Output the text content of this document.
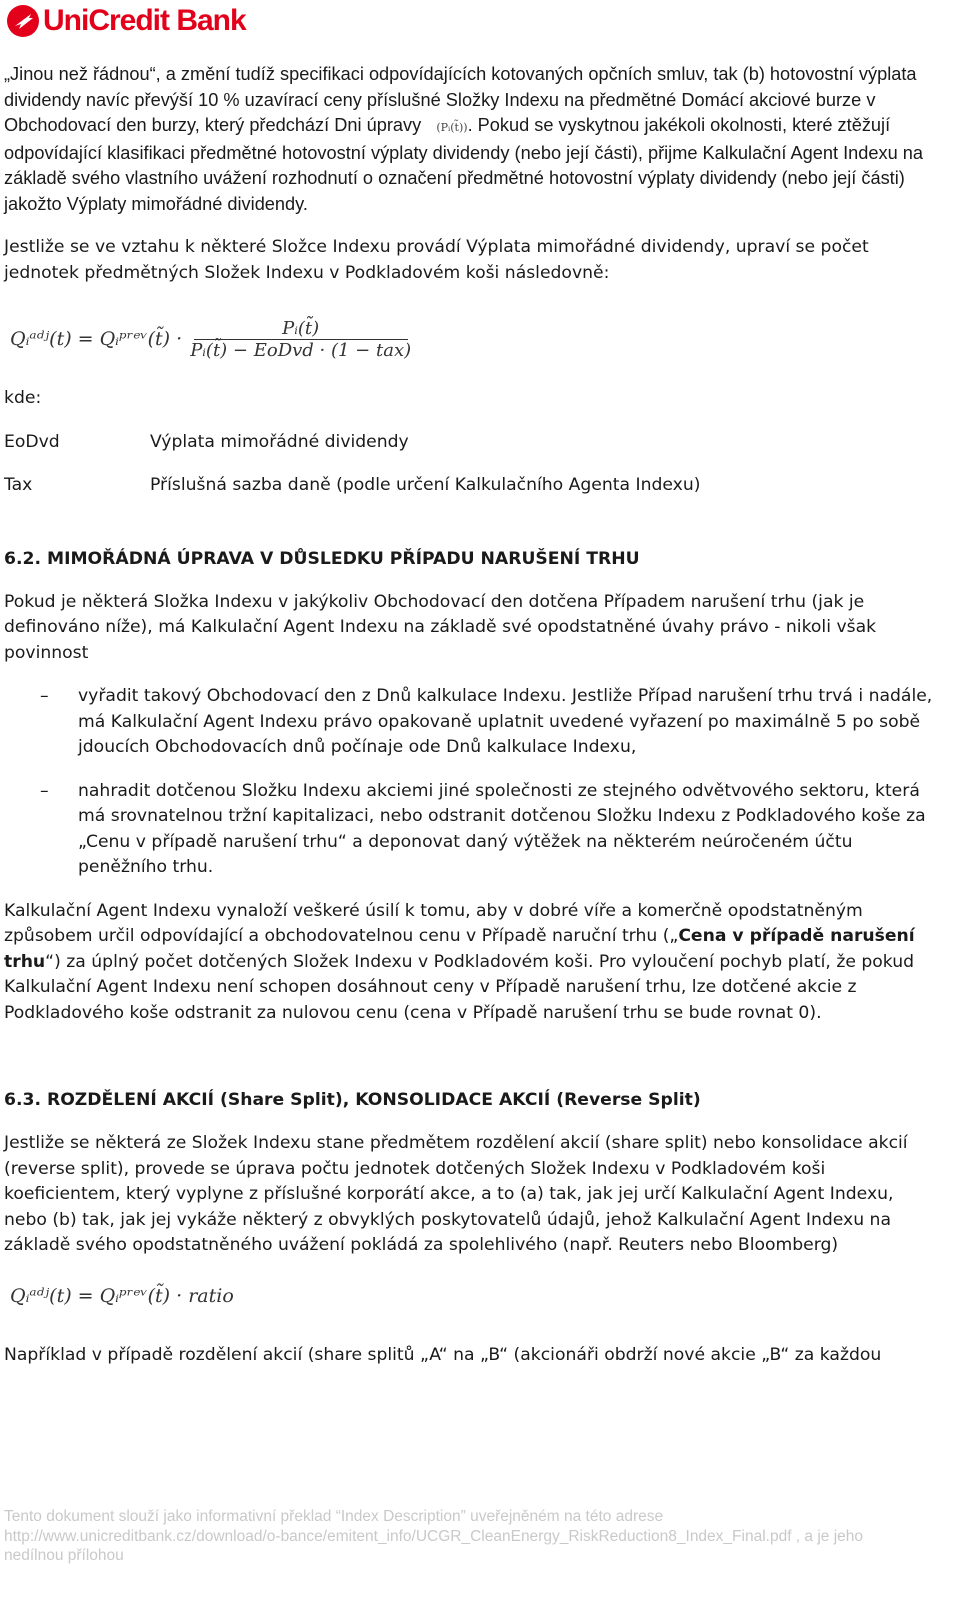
UniCredit Bank

„Jinou než řádnou“, a změní tudíž specifikaci odpovídajících kotovaných opčních smluv, tak (b) hotovostní výplata dividendy navíc převýší 10 % uzavírací ceny příslušné Složky Indexu na předmětné Domácí akciové burze v Obchodovací den burzy, který předchází Dni úpravy (Pᵢ(t̃)). Pokud se vyskytnou jakékoli okolnosti, které ztěžují odpovídající klasifikaci předmětné hotovostní výplaty dividendy (nebo její části), přijme Kalkulační Agent Indexu na základě svého vlastního uvážení rozhodnutí o označení předmětné hotovostní výplaty dividendy (nebo její části) jakožto Výplaty mimořádné dividendy.

Jestliže se ve vztahu k některé Složce Indexu provádí Výplata mimořádné dividendy, upraví se počet jednotek předmětných Složek Indexu v Podkladovém koši následovně:

Qᵢᵃᵈʲ(t) = Qᵢᵖʳᵉᵛ(t̃) ·	Pᵢ(t̃)
Pᵢ(t̃) − EoDvd · (1 − tax)

kde:

EoDvd	Výplata mimořádné dividendy
Tax	Příslušná sazba daně (podle určení Kalkulačního Agenta Indexu)

6.2. MIMOŘÁDNÁ ÚPRAVA V DŮSLEDKU PŘÍPADU NARUŠENÍ TRHU

Pokud je některá Složka Indexu v jakýkoliv Obchodovací den dotčena Případem narušení trhu (jak je definováno níže), má Kalkulační Agent Indexu na základě své opodstatněné úvahy právo - nikoli však povinnost

–	vyřadit takový Obchodovací den z Dnů kalkulace Indexu. Jestliže Případ narušení trhu trvá i nadále, má Kalkulační Agent Indexu právo opakovaně uplatnit uvedené vyřazení po maximálně 5 po sobě jdoucích Obchodovacích dnů počínaje ode Dnů kalkulace Indexu,
–	nahradit dotčenou Složku Indexu akciemi jiné společnosti ze stejného odvětvového sektoru, která má srovnatelnou tržní kapitalizaci, nebo odstranit dotčenou Složku Indexu z Podkladového koše za „Cenu v případě narušení trhu“ a deponovat daný výtěžek na některém neúročeném účtu peněžního trhu.

Kalkulační Agent Indexu vynaloží veškeré úsilí k tomu, aby v dobré víře a komerčně opodstatněným způsobem určil odpovídající a obchodovatelnou cenu v Případě naruční trhu („Cena v případě narušení trhu“) za úplný počet dotčených Složek Indexu v Podkladovém koši. Pro vyloučení pochyb platí, že pokud Kalkulační Agent Indexu není schopen dosáhnout ceny v Případě narušení trhu, lze dotčené akcie z Podkladového koše odstranit za nulovou cenu (cena v Případě narušení trhu se bude rovnat 0).

6.3. ROZDĚLENÍ AKCIÍ (Share Split), KONSOLIDACE AKCIÍ (Reverse Split)

Jestliže se některá ze Složek Indexu stane předmětem rozdělení akcií (share split) nebo konsolidace akcií (reverse split), provede se úprava počtu jednotek dotčených Složek Indexu v Podkladovém koši koeficientem, který vyplyne z příslušné korporátí akce, a to (a) tak, jak jej určí Kalkulační Agent Indexu, nebo (b) tak, jak jej vykáže některý z obvyklých poskytovatelů údajů, jehož Kalkulační Agent Indexu na základě svého opodstatněného uvážení pokládá za spolehlivého (např. Reuters nebo Bloomberg)

Qᵢᵃᵈʲ(t) = Qᵢᵖʳᵉᵛ(t̃) · ratio

Například v případě rozdělení akcií (share splitů „A“ na „B“ (akcionáři obdrží nové akcie „B“ za každou

Tento dokument slouží jako informativní překlad “Index Description” uveřejněném na této adrese
http://www.unicreditbank.cz/download/o-bance/emitent_info/UCGR_CleanEnergy_RiskReduction8_Index_Final.pdf , a je jeho
nedílnou přílohou
